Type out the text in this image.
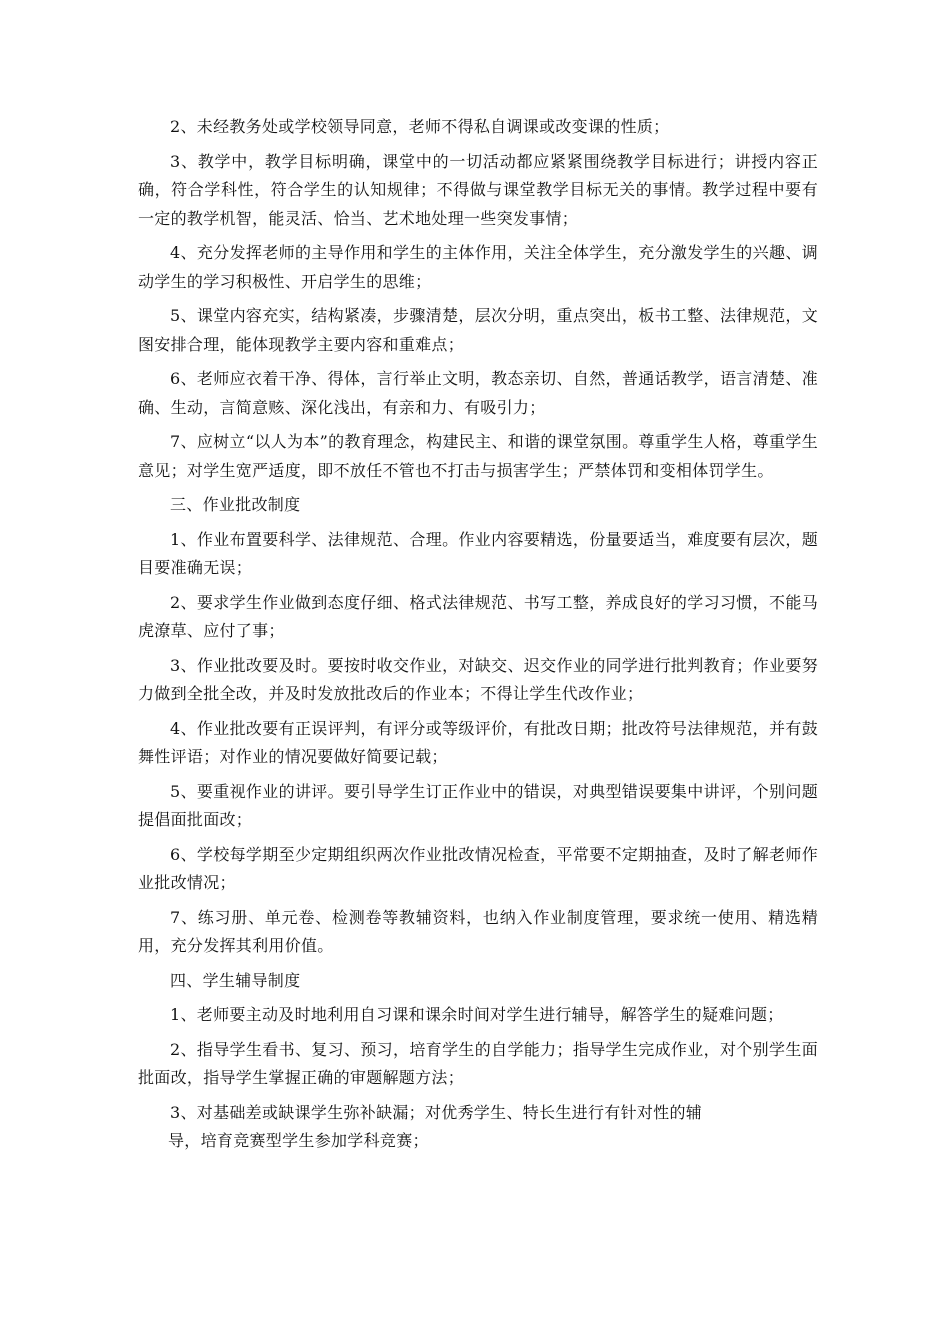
2、未经教务处或学校领导同意，老师不得私自调课或改变课的性质；

3、教学中，教学目标明确，课堂中的一切活动都应紧紧围绕教学目标进行；讲授内容正确，符合学科性，符合学生的认知规律；不得做与课堂教学目标无关的事情。教学过程中要有一定的教学机智，能灵活、恰当、艺术地处理一些突发事情；

4、充分发挥老师的主导作用和学生的主体作用，关注全体学生，充分激发学生的兴趣、调动学生的学习积极性、开启学生的思维；

5、课堂内容充实，结构紧凑，步骤清楚，层次分明，重点突出，板书工整、法律规范，文图安排合理，能体现教学主要内容和重难点；

6、老师应衣着干净、得体，言行举止文明，教态亲切、自然，普通话教学，语言清楚、准确、生动，言简意赅、深化浅出，有亲和力、有吸引力；

7、应树立“以人为本”的教育理念，构建民主、和谐的课堂氛围。尊重学生人格，尊重学生意见；对学生宽严适度，即不放任不管也不打击与损害学生；严禁体罚和变相体罚学生。

三、作业批改制度

1、作业布置要科学、法律规范、合理。作业内容要精选，份量要适当，难度要有层次，题目要准确无误；

2、要求学生作业做到态度仔细、格式法律规范、书写工整，养成良好的学习习惯，不能马虎潦草、应付了事；

3、作业批改要及时。要按时收交作业，对缺交、迟交作业的同学进行批判教育；作业要努力做到全批全改，并及时发放批改后的作业本；不得让学生代改作业；

4、作业批改要有正误评判，有评分或等级评价，有批改日期；批改符号法律规范，并有鼓舞性评语；对作业的情况要做好简要记载；

5、要重视作业的讲评。要引导学生订正作业中的错误，对典型错误要集中讲评，个别问题提倡面批面改；

6、学校每学期至少定期组织两次作业批改情况检查，平常要不定期抽查，及时了解老师作业批改情况；

7、练习册、单元卷、检测卷等教辅资料，也纳入作业制度管理，要求统一使用、精选精用，充分发挥其利用价值。

四、学生辅导制度

1、老师要主动及时地利用自习课和课余时间对学生进行辅导，解答学生的疑难问题；

2、指导学生看书、复习、预习，培育学生的自学能力；指导学生完成作业，对个别学生面批面改，指导学生掌握正确的审题解题方法；

3、对基础差或缺课学生弥补缺漏；对优秀学生、特长生进行有针对性的辅

导，培育竞赛型学生参加学科竞赛；
